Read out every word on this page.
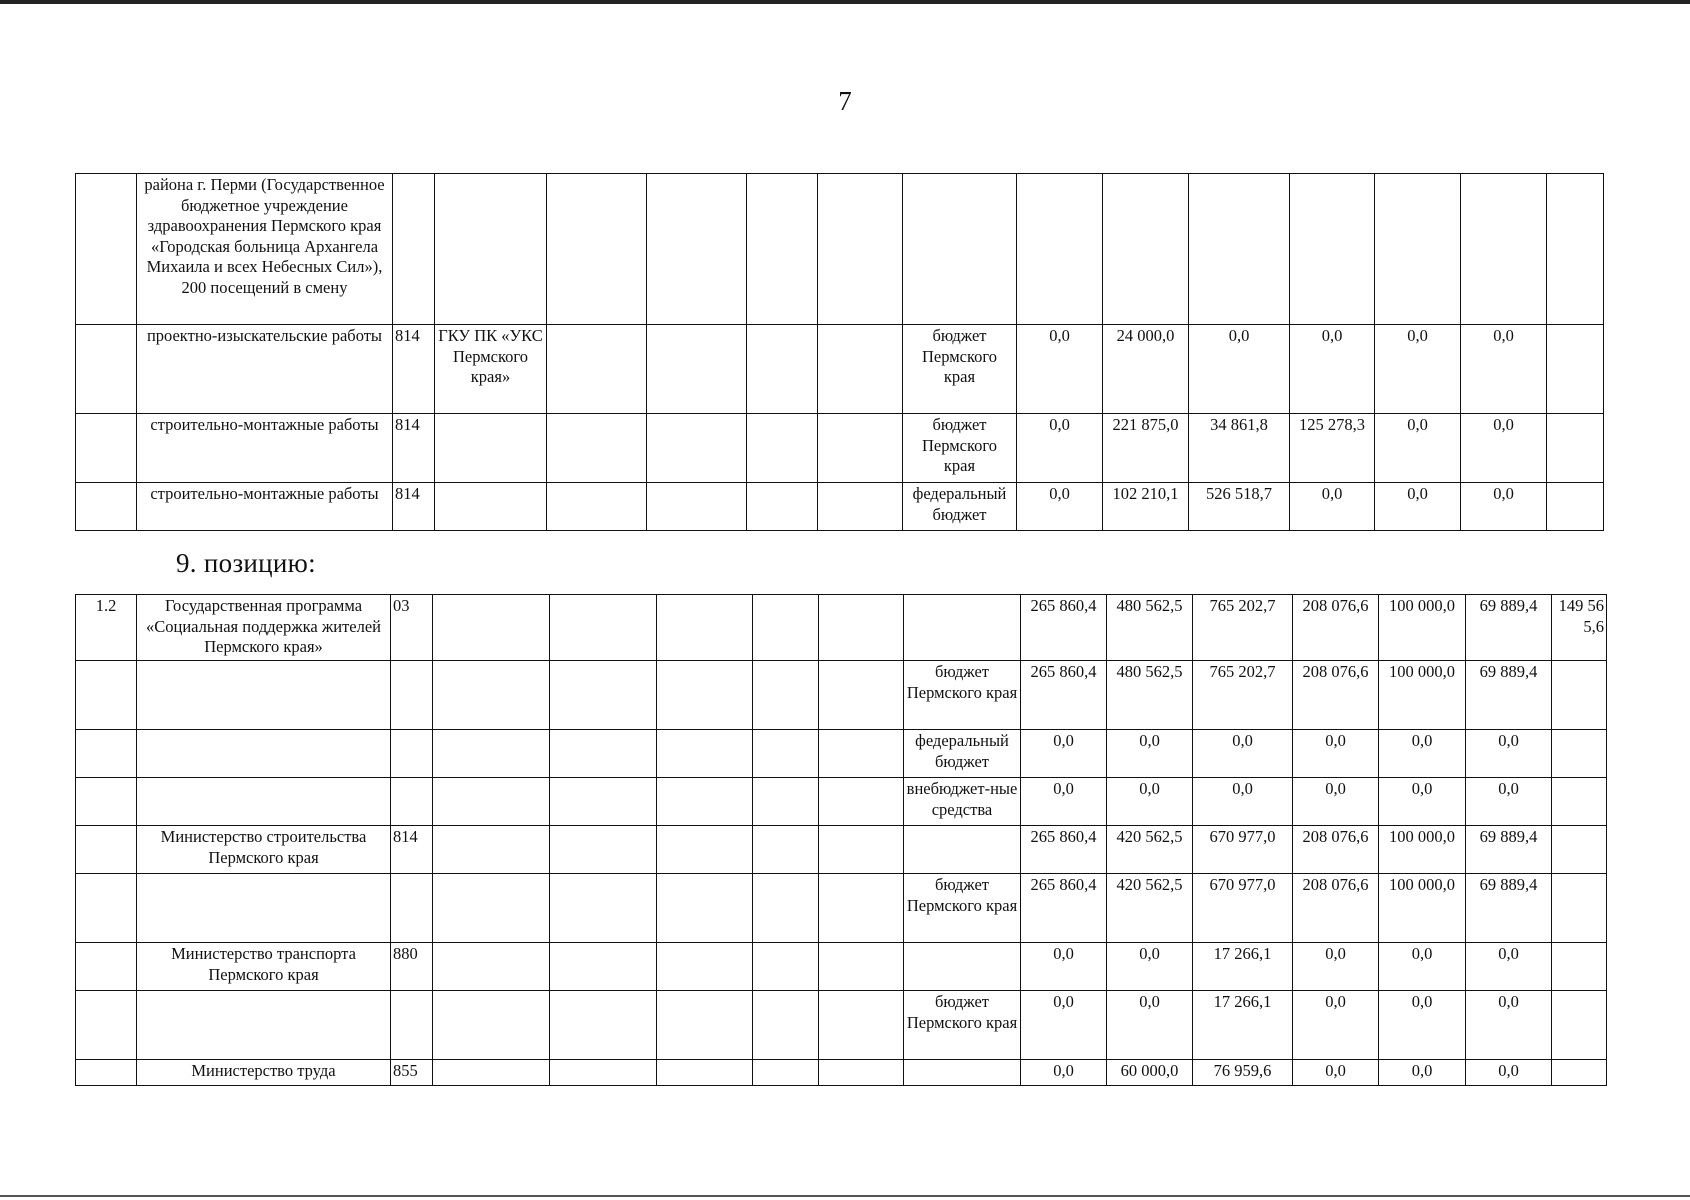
7
	района г. Перми (Государственное бюджетное учреждение здравоохранения Пермского края «Городская больница Архангела Михаила и всех Небесных Сил»), 200 посещений в смену														
	проектно-изыскательские работы	814	ГКУ ПК «УКС Пермского края»					бюджет Пермского края	0,0	24 000,0	0,0	0,0	0,0	0,0	
	строительно-монтажные работы	814						бюджет Пермского края	0,0	221 875,0	34 861,8	125 278,3	0,0	0,0	
	строительно-монтажные работы	814						федеральный бюджет	0,0	102 210,1	526 518,7	0,0	0,0	0,0	
9. позицию:
1.2	Государственная программа «Социальная поддержка жителей Пермского края»	03							265 860,4	480 562,5	765 202,7	208 076,6	100 000,0	69 889,4	149 565,6
								бюджет Пермского края	265 860,4	480 562,5	765 202,7	208 076,6	100 000,0	69 889,4	
								федеральный бюджет	0,0	0,0	0,0	0,0	0,0	0,0	
								внебюджет-ные средства	0,0	0,0	0,0	0,0	0,0	0,0	
	Министерство строительства Пермского края	814							265 860,4	420 562,5	670 977,0	208 076,6	100 000,0	69 889,4	
								бюджет Пермского края	265 860,4	420 562,5	670 977,0	208 076,6	100 000,0	69 889,4	
	Министерство транспорта Пермского края	880							0,0	0,0	17 266,1	0,0	0,0	0,0	
								бюджет Пермского края	0,0	0,0	17 266,1	0,0	0,0	0,0	
	Министерство труда	855							0,0	60 000,0	76 959,6	0,0	0,0	0,0	
